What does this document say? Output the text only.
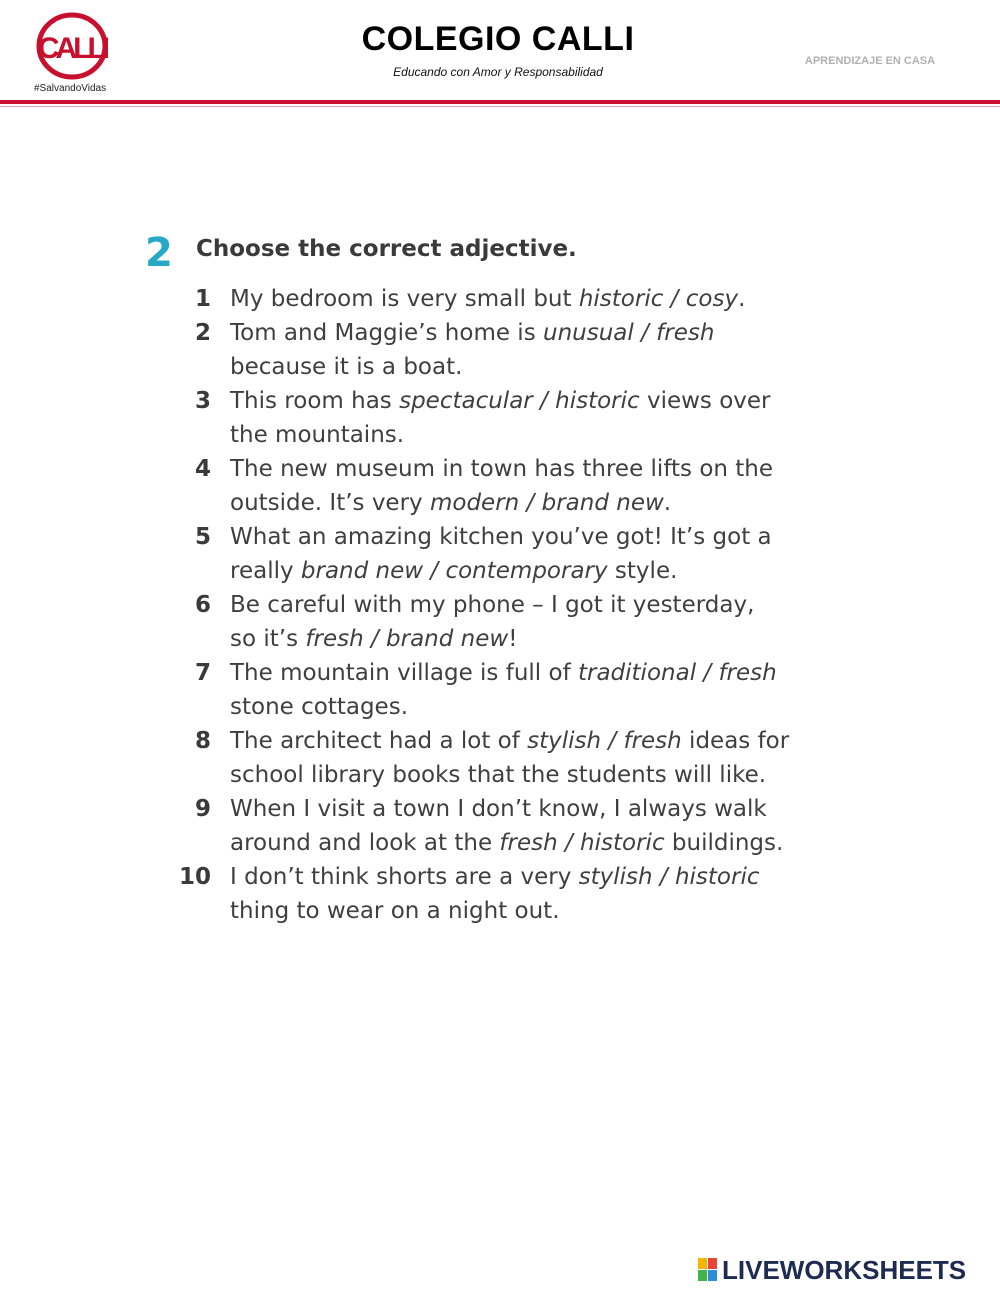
CALLI
#SalvandoVidas
COLEGIO CALLI
Educando con Amor y Responsabilidad
APRENDIZAJE EN CASA
2 Choose the correct adjective.
1 My bedroom is very small but historic / cosy.
2 Tom and Maggie’s home is unusual / fresh
because it is a boat.
3 This room has spectacular / historic views over
the mountains.
4 The new museum in town has three lifts on the
outside. It’s very modern / brand new.
5 What an amazing kitchen you’ve got! It’s got a
really brand new / contemporary style.
6 Be careful with my phone – I got it yesterday,
so it’s fresh / brand new!
7 The mountain village is full of traditional / fresh
stone cottages.
8 The architect had a lot of stylish / fresh ideas for
school library books that the students will like.
9 When I visit a town I don’t know, I always walk
around and look at the fresh / historic buildings.
10 I don’t think shorts are a very stylish / historic
thing to wear on a night out.
LIVEWORKSHEETS
